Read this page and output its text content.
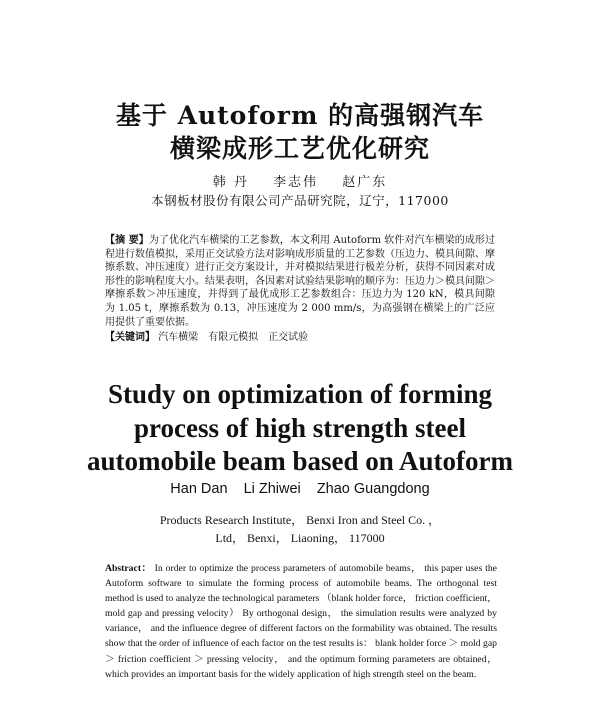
基于 Autoform 的高强钢汽车
横梁成形工艺优化研究
韩 丹 李志伟 赵广东
本钢板材股份有限公司产品研究院，辽宁，117000
【摘 要】为了优化汽车横梁的工艺参数，本文利用 Autoform 软件对汽车横梁的成形过程进行数值模拟，采用正交试验方法对影响成形质量的工艺参数（压边力、模具间隙、摩擦系数、冲压速度）进行正交方案设计，并对模拟结果进行极差分析，获得不同因素对成形性的影响程度大小。结果表明，各因素对试验结果影响的顺序为：压边力＞模具间隙＞摩擦系数＞冲压速度，并得到了最优成形工艺参数组合：压边力为 120 kN，模具间隙为 1.05 t，摩擦系数为 0.13，冲压速度为 2 000 mm/s，为高强钢在横梁上的广泛应用提供了重要依据。
【关键词】 汽车横梁　有限元模拟　正交试验
Study on optimization of forming
process of high strength steel
automobile beam based on Autoform
Han Dan Li Zhiwei Zhao Guangdong
Products Research Institute， Benxi Iron and Steel Co. ，
Ltd， Benxi， Liaoning， 117000

Abstract： In order to optimize the process parameters of automobile beams， this paper uses the Autoform software to simulate the forming process of automobile beams. The orthogonal test method is used to analyze the technological parameters （blank holder force， friction coefficient， mold gap and pressing velocity） By orthogonal design， the simulation results were analyzed by variance， and the influence degree of different factors on the formability was obtained. The results show that the order of influence of each factor on the test results is： blank holder force ＞ mold gap ＞ friction coefficient ＞ pressing velocity， and the optimum forming parameters are obtained， which provides an important basis for the widely application of high strength steel on the beam.
